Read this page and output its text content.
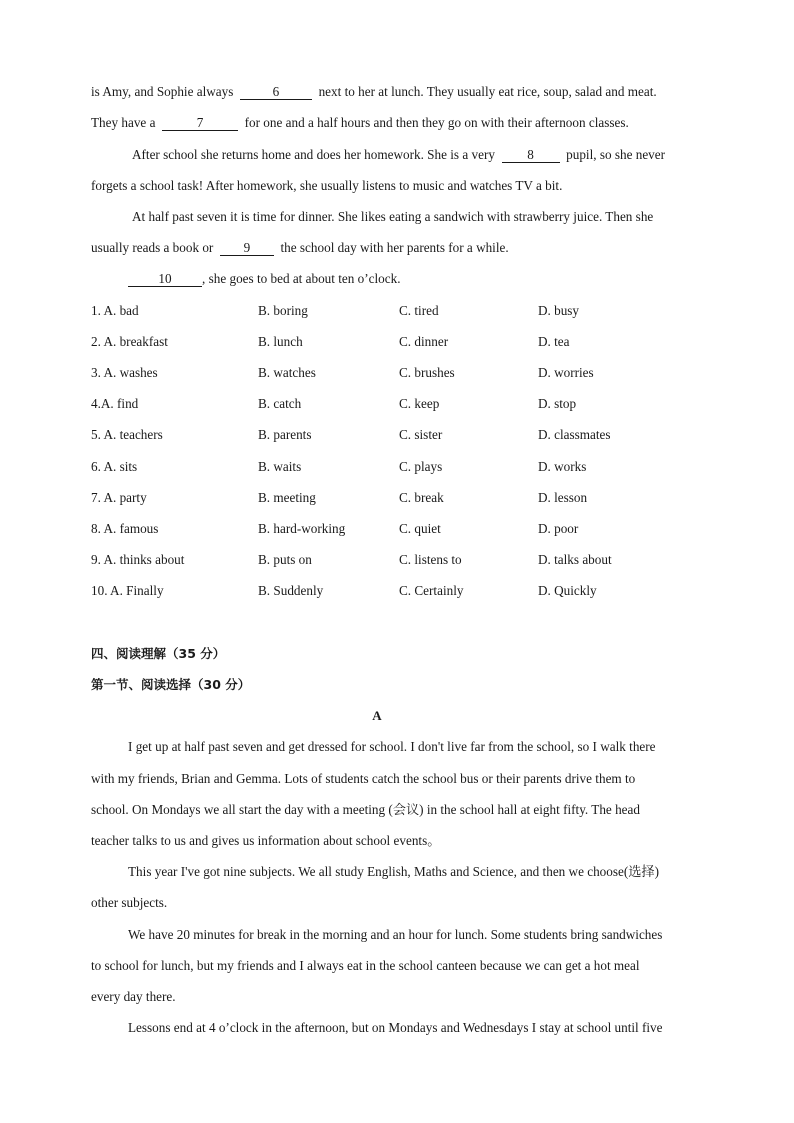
is Amy, and Sophie always	6	next to her at lunch. They usually eat rice, soup, salad and meat.
They have a	7	for one and a half hours and then they go on with their afternoon classes.
After school she returns home and does her homework. She is a very 8 pupil, so she never
forgets a school task! After homework, she usually listens to music and watches TV a bit.
At half past seven it is time for dinner. She likes eating a sandwich with strawberry juice. Then she
usually reads a book or 9 the school day with her parents for a while.
10 , she goes to bed at about ten o’clock.
1. A. bad	B. boring	C. tired	D. busy
2. A. breakfast	B. lunch	C. dinner	D. tea
3. A. washes	B. watches	C. brushes	D. worries
4.A. find	B. catch	C. keep	D. stop
5. A. teachers	B. parents	C. sister	D. classmates
6. A. sits	B. waits	C. plays	D. works
7. A. party	B. meeting	C. break	D. lesson
8. A. famous	B. hard-working	C. quiet	D. poor
9. A. thinks about	B. puts on	C. listens to	D. talks about
10. A. Finally	B. Suddenly	C. Certainly	D. Quickly
四、阅读理解（35 分）
第一节、阅读选择（30 分）
A
I get up at half past seven and get dressed for school. I don't live far from the school, so I walk there
with my friends, Brian and Gemma. Lots of students catch the school bus or their parents drive them to
school. On Mondays we all start the day with a meeting (会议) in the school hall at eight fifty. The head
teacher talks to us and gives us information about school events。
This year I've got nine subjects. We all study English, Maths and Science, and then we choose(选择)
other subjects.
We have 20 minutes for break in the morning and an hour for lunch. Some students bring sandwiches
to school for lunch, but my friends and I always eat in the school canteen because we can get a hot meal
every day there.
Lessons end at 4 o’clock in the afternoon, but on Mondays and Wednesdays I stay at school until five
